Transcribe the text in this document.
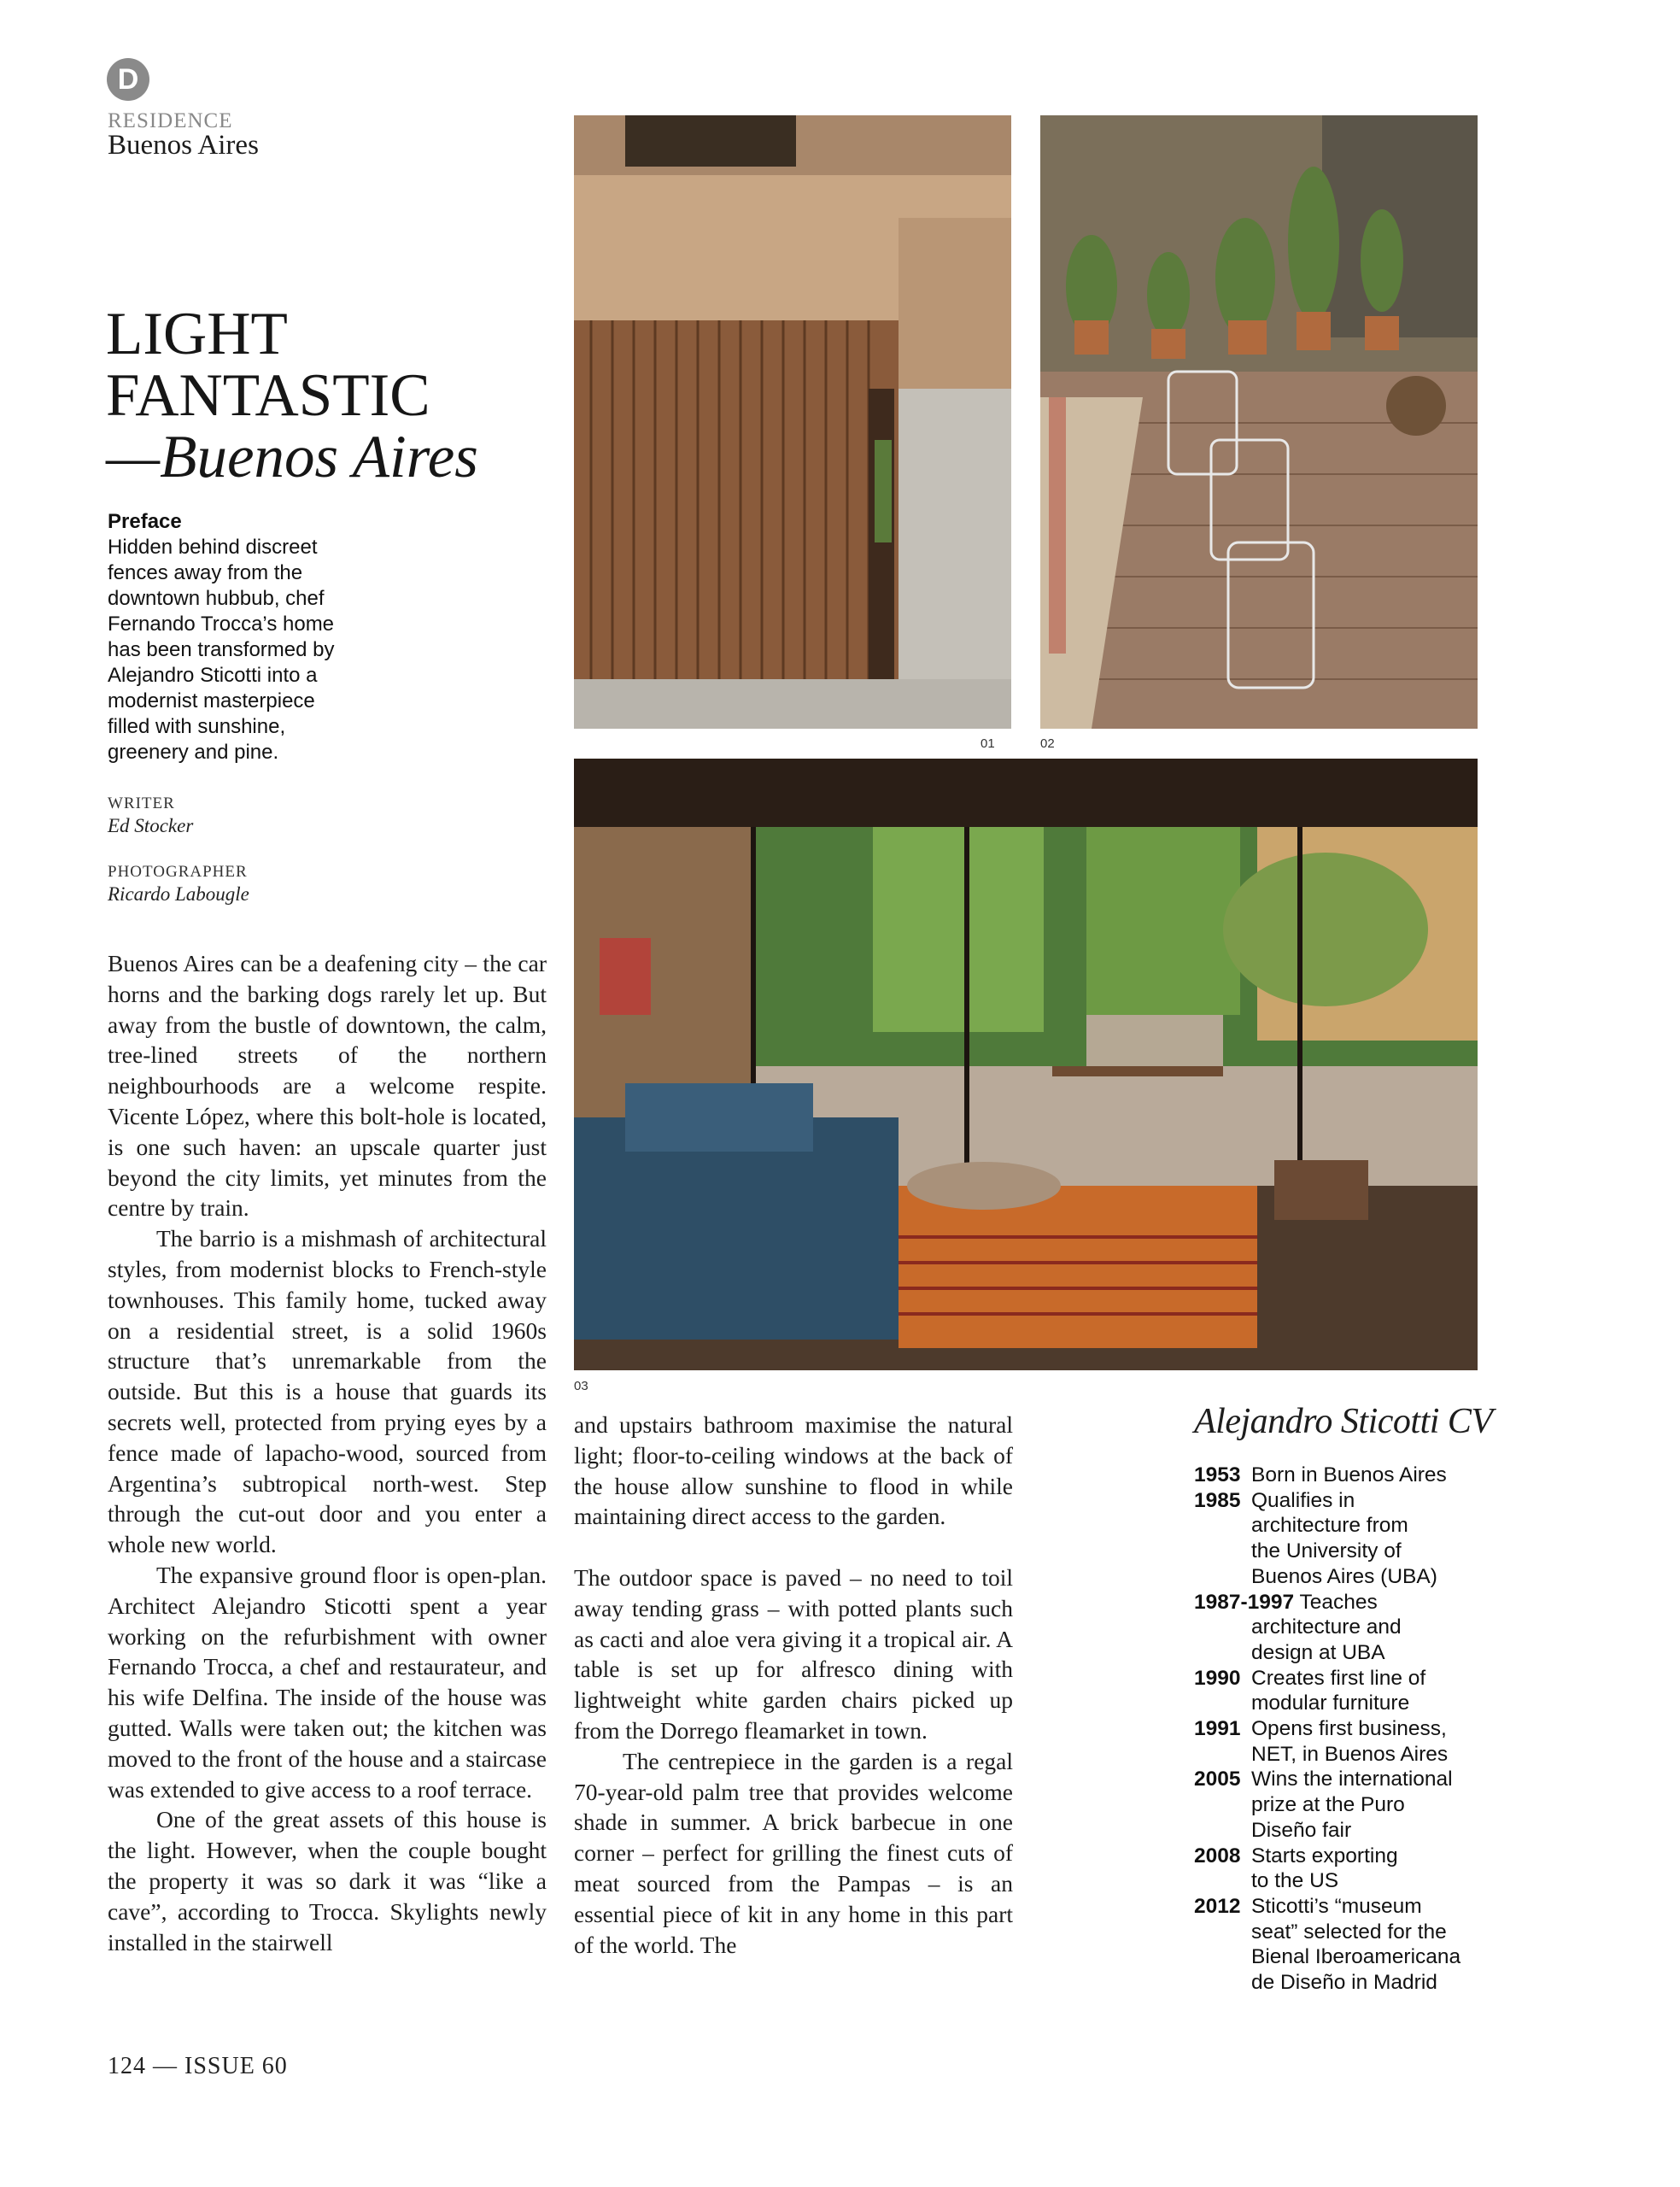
D
RESIDENCE
Buenos Aires
LIGHT
FANTASTIC
—Buenos Aires
Preface
Hidden behind discreet
fences away from the
downtown hubbub, chef
Fernando Trocca’s home
has been transformed by
Alejandro Sticotti into a
modernist masterpiece
filled with sunshine,
greenery and pine.
WRITER
Ed Stocker
PHOTOGRAPHER
Ricardo Labougle
01	02
03

Buenos Aires can be a deafening city – the car horns and the barking dogs rarely let up. But away from the bustle of downtown, the calm, tree-lined streets of the northern neighbourhoods are a welcome respite. Vicente López, where this bolt-hole is located, is one such haven: an upscale quarter just beyond the city limits, yet minutes from the centre by train.

The barrio is a mishmash of architectural styles, from modernist blocks to French-style townhouses. This family home, tucked away on a residential street, is a solid 1960s structure that’s unremarkable from the outside. But this is a house that guards its secrets well, protected from prying eyes by a fence made of lapacho-wood, sourced from Argentina’s subtropical north-west. Step through the cut-out door and you enter a whole new world.

The expansive ground floor is open-plan. Architect Alejandro Sticotti spent a year working on the refurbishment with owner Fernando Trocca, a chef and restaurateur, and his wife Delfina. The inside of the house was gutted. Walls were taken out; the kitchen was moved to the front of the house and a staircase was extended to give access to a roof terrace.

One of the great assets of this house is the light. However, when the couple bought the property it was so dark it was “like a cave”, according to Trocca. Skylights newly installed in the stairwell

and upstairs bathroom maximise the natural light; floor-to-ceiling windows at the back of the house allow sunshine to flood in while maintaining direct access to the garden.

The outdoor space is paved – no need to toil away tending grass – with potted plants such as cacti and aloe vera giving it a tropical air. A table is set up for alfresco dining with lightweight white garden chairs picked up from the Dorrego fleamarket in town.

The centrepiece in the garden is a regal 70-year-old palm tree that provides welcome shade in summer. A brick barbecue in one corner – perfect for grilling the finest cuts of meat sourced from the Pampas – is an essential piece of kit in any home in this part of the world. The

Alejandro Sticotti CV
1953 Born in Buenos Aires
1985 Qualifies in
architecture from
the University of
Buenos Aires (UBA)
1987-1997 Teaches
architecture and
design at UBA
1990 Creates first line of
modular furniture
1991 Opens first business,
NET, in Buenos Aires
2005 Wins the international
prize at the Puro
Diseño fair
2008 Starts exporting
to the US
2012 Sticotti’s “museum
seat” selected for the
Bienal Iberoamericana
de Diseño in Madrid
124 — ISSUE 60
